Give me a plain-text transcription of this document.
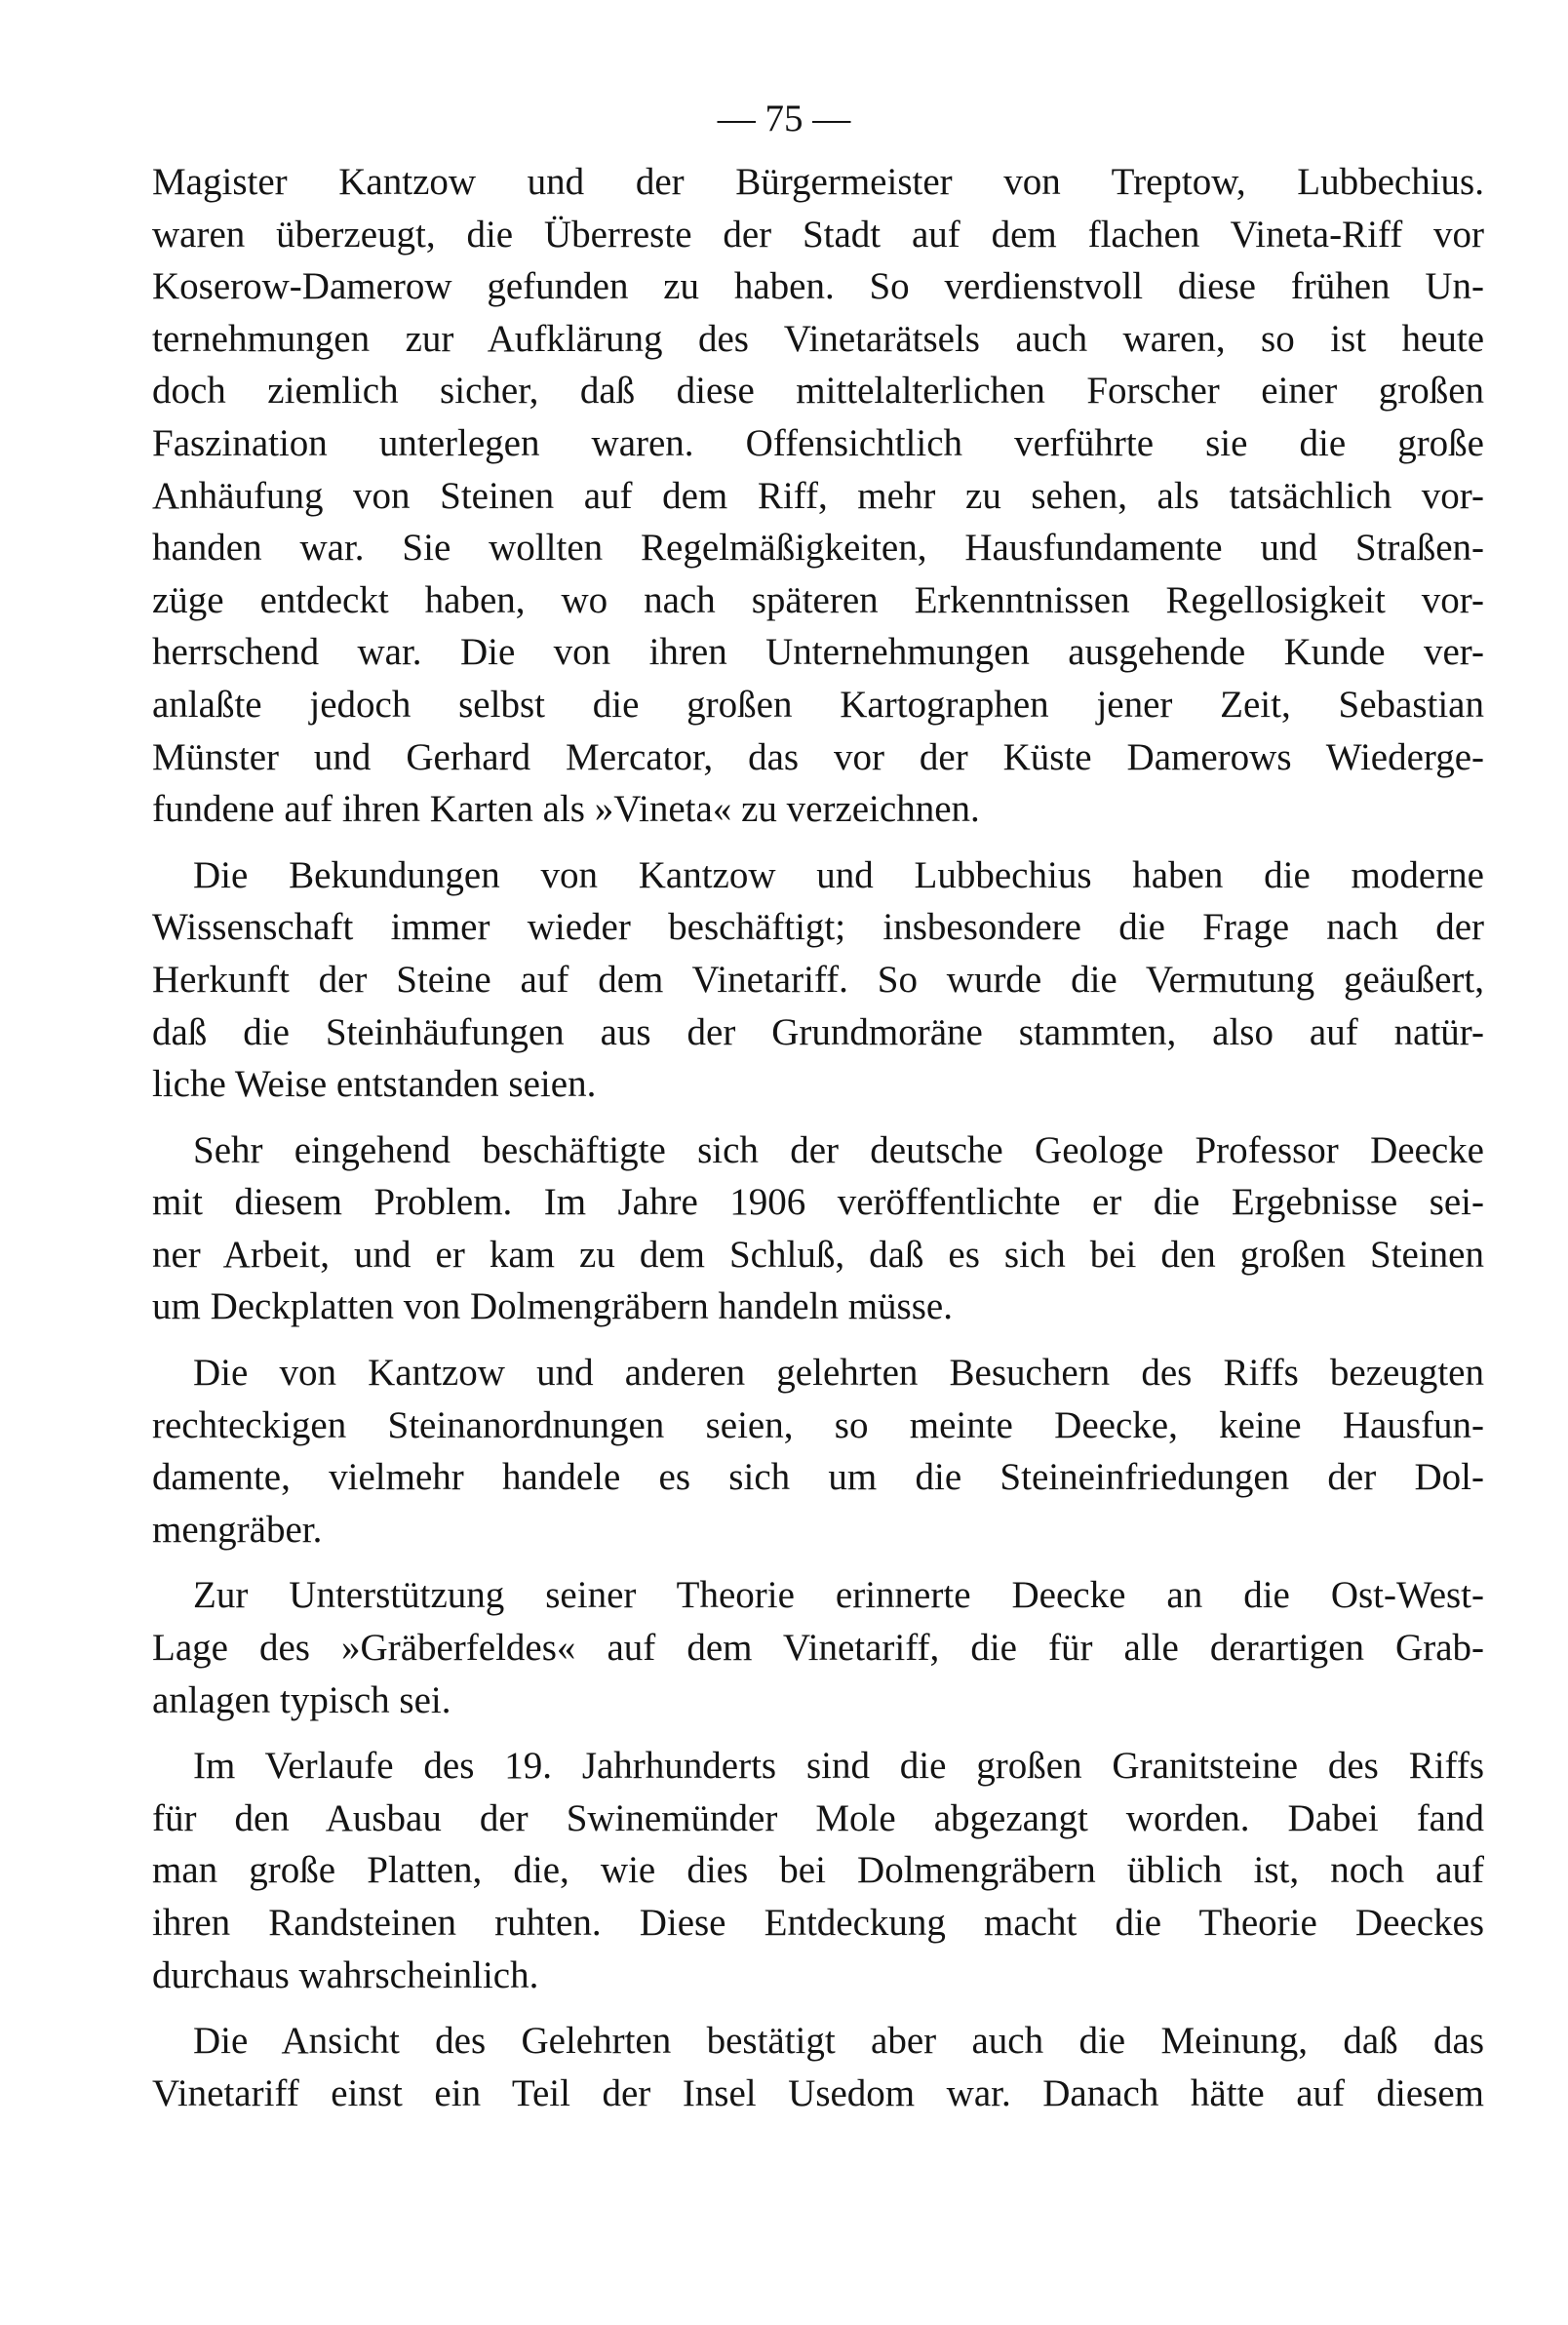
— 75 —
Magister Kantzow und der Bürgermeister von Treptow, Lubbechius.
waren überzeugt, die Überreste der Stadt auf dem flachen Vineta-Riff vor
Koserow-Damerow gefunden zu haben. So verdienstvoll diese frühen Un-
ternehmungen zur Aufklärung des Vinetarätsels auch waren, so ist heute
doch ziemlich sicher, daß diese mittelalterlichen Forscher einer großen
Faszination unterlegen waren. Offensichtlich verführte sie die große
Anhäufung von Steinen auf dem Riff, mehr zu sehen, als tatsächlich vor-
handen war. Sie wollten Regelmäßigkeiten, Hausfundamente und Straßen-
züge entdeckt haben, wo nach späteren Erkenntnissen Regellosigkeit vor-
herrschend war. Die von ihren Unternehmungen ausgehende Kunde ver-
anlaßte jedoch selbst die großen Kartographen jener Zeit, Sebastian
Münster und Gerhard Mercator, das vor der Küste Damerows Wiederge-
fundene auf ihren Karten als »Vineta« zu verzeichnen.
Die Bekundungen von Kantzow und Lubbechius haben die moderne
Wissenschaft immer wieder beschäftigt; insbesondere die Frage nach der
Herkunft der Steine auf dem Vinetariff. So wurde die Vermutung geäußert,
daß die Steinhäufungen aus der Grundmoräne stammten, also auf natür-
liche Weise entstanden seien.
Sehr eingehend beschäftigte sich der deutsche Geologe Professor Deecke
mit diesem Problem. Im Jahre 1906 veröffentlichte er die Ergebnisse sei-
ner Arbeit, und er kam zu dem Schluß, daß es sich bei den großen Steinen
um Deckplatten von Dolmengräbern handeln müsse.
Die von Kantzow und anderen gelehrten Besuchern des Riffs bezeugten
rechteckigen Steinanordnungen seien, so meinte Deecke, keine Hausfun-
damente, vielmehr handele es sich um die Steineinfriedungen der Dol-
mengräber.
Zur Unterstützung seiner Theorie erinnerte Deecke an die Ost-West-
Lage des »Gräberfeldes« auf dem Vinetariff, die für alle derartigen Grab-
anlagen typisch sei.
Im Verlaufe des 19. Jahrhunderts sind die großen Granitsteine des Riffs
für den Ausbau der Swinemünder Mole abgezangt worden. Dabei fand
man große Platten, die, wie dies bei Dolmengräbern üblich ist, noch auf
ihren Randsteinen ruhten. Diese Entdeckung macht die Theorie Deeckes
durchaus wahrscheinlich.
Die Ansicht des Gelehrten bestätigt aber auch die Meinung, daß das
Vinetariff einst ein Teil der Insel Usedom war. Danach hätte auf diesem
